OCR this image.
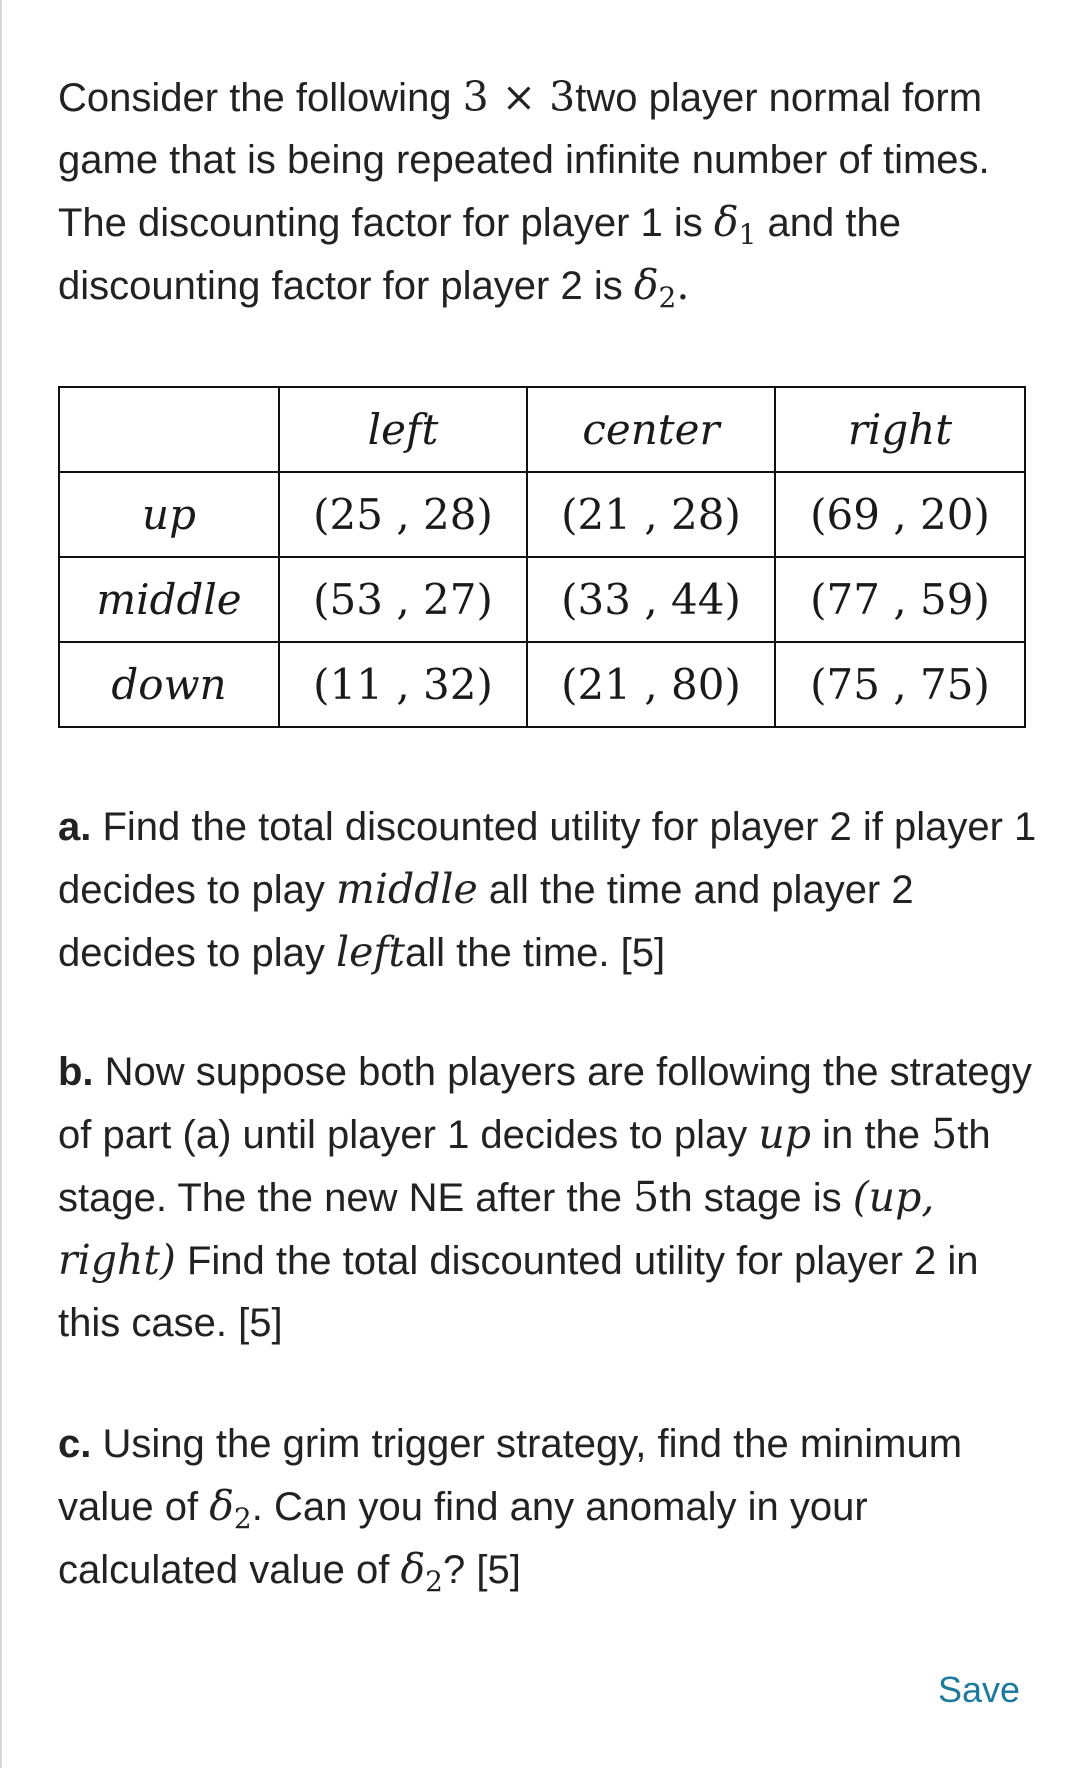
Consider the following 3 × 3two player normal form game that is being repeated infinite number of times. The discounting factor for player 1 is $\delta_1$ and the discounting factor for player 2 is $\delta_2$.

	left	center	right
up	(25 , 28)	(21 , 28)	(69 , 20)
middle	(53 , 27)	(33 , 44)	(77 , 59)
down	(11 , 32)	(21 , 80)	(75 , 75)

a. Find the total discounted utility for player 2 if player 1 decides to play middle all the time and player 2 decides to play leftall the time. [5]

b. Now suppose both players are following the strategy of part (a) until player 1 decides to play up in the 5th stage. The the new NE after the 5th stage is (up, right) Find the total discounted utility for player 2 in this case. [5]

c. Using the grim trigger strategy, find the minimum value of $\delta_2$. Can you find any anomaly in your calculated value of $\delta_2$? [5]

Save
